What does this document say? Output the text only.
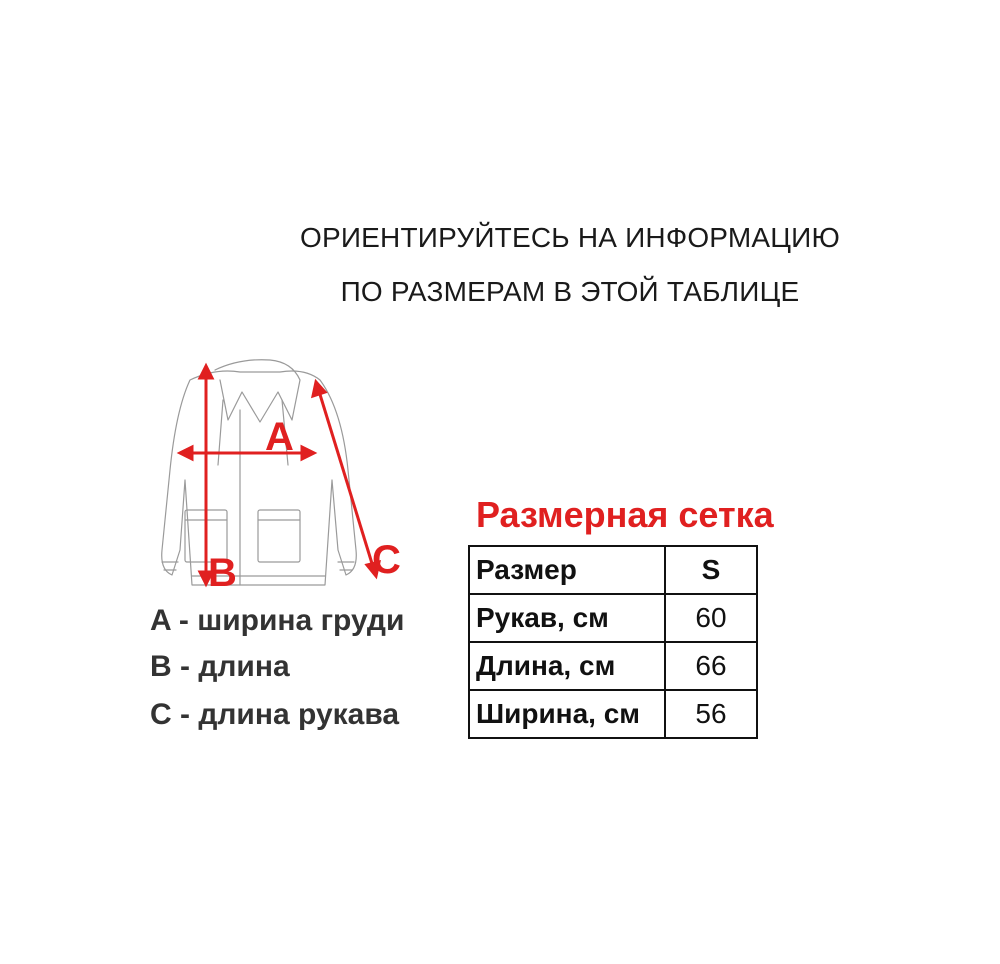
ОРИЕНТИРУЙТЕСЬ НА ИНФОРМАЦИЮ
ПО РАЗМЕРАМ В ЭТОЙ ТАБЛИЦЕ
A
B	C
A - ширина груди
B - длина
C - длина рукава
Размерная сетка
Размер	S
Рукав, см	60
Длина, см	66
Ширина, см	56
